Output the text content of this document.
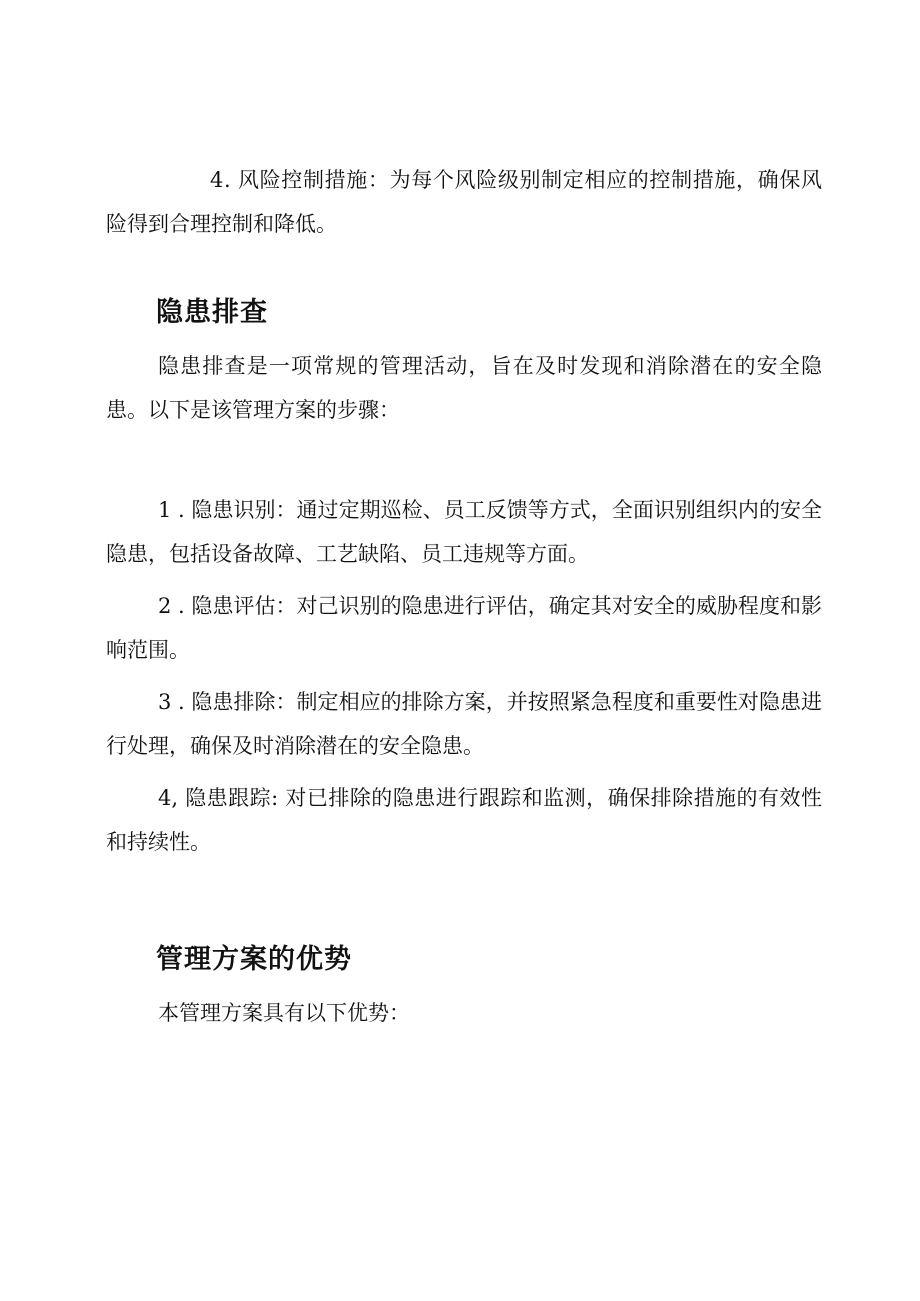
4. 风险控制措施：为每个风险级别制定相应的控制措施，确保风险得到合理控制和降低。

隐患排查

隐患排查是一项常规的管理活动，旨在及时发现和消除潜在的安全隐患。以下是该管理方案的步骤：

1 . 隐患识别：通过定期巡检、员工反馈等方式，全面识别组织内的安全隐患，包括设备故障、工艺缺陷、员工违规等方面。

2 . 隐患评估：对己识别的隐患进行评估，确定其对安全的威胁程度和影响范围。

3 . 隐患排除：制定相应的排除方案，并按照紧急程度和重要性对隐患进行处理，确保及时消除潜在的安全隐患。

4, 隐患跟踪: 对已排除的隐患进行跟踪和监测，确保排除措施的有效性和持续性。

管理方案的优势

本管理方案具有以下优势：
